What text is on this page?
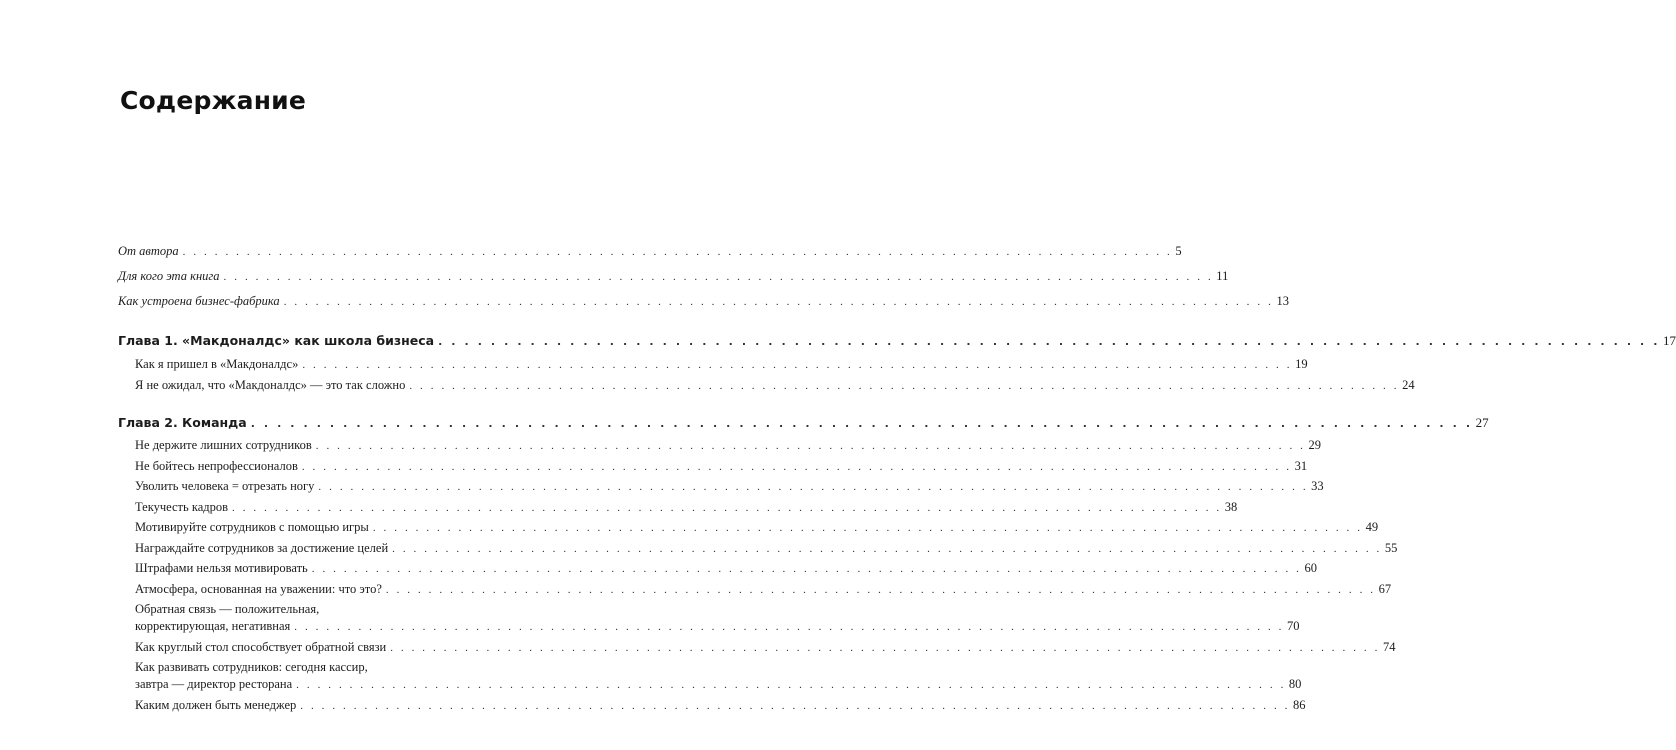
Содержание
От автора . . .	5
Для кого эта книга . . .	11
Как устроена бизнес-фабрика . . .	13
Глава 1. «Макдоналдс» как школа бизнеса . . .	17
Как я пришел в «Макдоналдс» . . .	19
Я не ожидал, что «Макдоналдс» — это так сложно . . .	24
Глава 2. Команда . . .	27
Не держите лишних сотрудников . . .	29
Не бойтесь непрофессионалов . . .	31
Уволить человека = отрезать ногу . . .	33
Текучесть кадров . . .	38
Мотивируйте сотрудников с помощью игры . . .	49
Награждайте сотрудников за достижение целей . . .	55
Штрафами нельзя мотивировать . . .	60
Атмосфера, основанная на уважении: что это? . . .	67
Обратная связь — положительная,
корректирующая, негативная . . .	70
Как круглый стол способствует обратной связи . . .	74
Как развивать сотрудников: сегодня кассир,
завтра — директор ресторана . . .	80
Каким должен быть менеджер . . .	86
